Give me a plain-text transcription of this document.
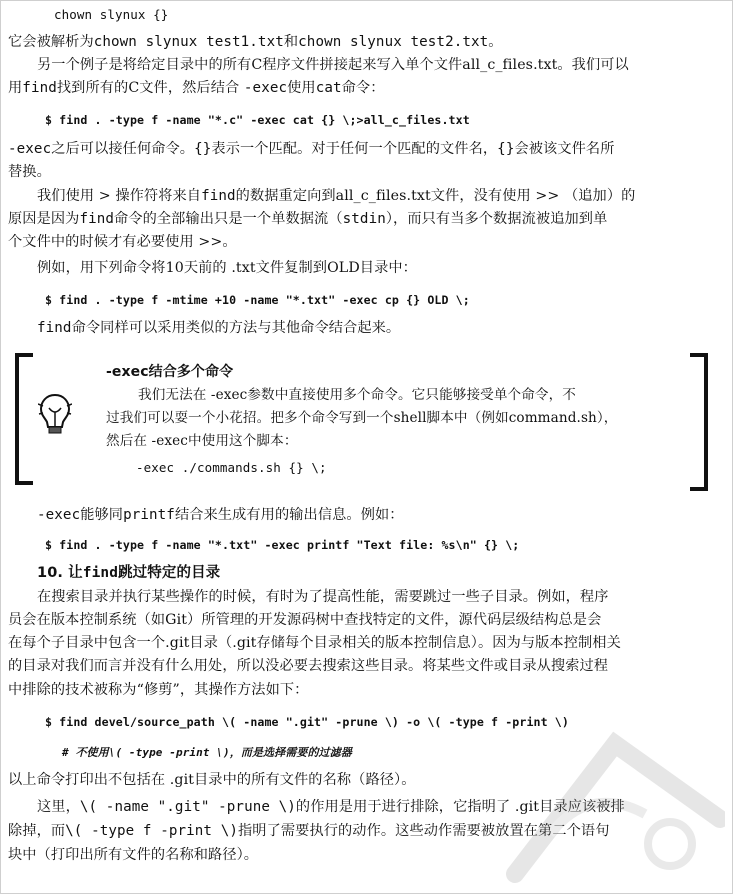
chown slynux {}
它会被解析为chown slynux test1.txt和chown slynux test2.txt。
另一个例子是将给定目录中的所有C程序文件拼接起来写入单个文件all_c_files.txt。我们可以
用find找到所有的C文件，然后结合 -exec使用cat命令：
$ find . -type f -name "*.c" -exec cat {} \;>all_c_files.txt
-exec之后可以接任何命令。{}表示一个匹配。对于任何一个匹配的文件名，{}会被该文件名所
替换。
我们使用 > 操作符将来自find的数据重定向到all_c_files.txt文件，没有使用 >> （追加）的
原因是因为find命令的全部输出只是一个单数据流（stdin），而只有当多个数据流被追加到单
个文件中的时候才有必要使用 >>。
例如，用下列命令将10天前的 .txt文件复制到OLD目录中：
$ find . -type f -mtime +10 -name "*.txt" -exec cp {} OLD \;
find命令同样可以采用类似的方法与其他命令结合起来。
-exec结合多个命令
我们无法在 -exec参数中直接使用多个命令。它只能够接受单个命令，不
过我们可以耍一个小花招。把多个命令写到一个shell脚本中（例如command.sh），
然后在 -exec中使用这个脚本：
-exec ./commands.sh {} \;
-exec能够同printf结合来生成有用的输出信息。例如：
$ find . -type f -name "*.txt" -exec printf "Text file: %s\n" {} \;
10. 让find跳过特定的目录
在搜索目录并执行某些操作的时候，有时为了提高性能，需要跳过一些子目录。例如，程序
员会在版本控制系统（如Git）所管理的开发源码树中查找特定的文件，源代码层级结构总是会
在每个子目录中包含一个.git目录（.git存储每个目录相关的版本控制信息）。因为与版本控制相关
的目录对我们而言并没有什么用处，所以没必要去搜索这些目录。将某些文件或目录从搜索过程
中排除的技术被称为“修剪”，其操作方法如下：
$ find devel/source_path \( -name ".git" -prune \) -o \( -type f -print \)
# 不使用\( -type -print \)，而是选择需要的过滤器
以上命令打印出不包括在 .git目录中的所有文件的名称（路径）。
这里，\( -name ".git" -prune \)的作用是用于进行排除，它指明了 .git目录应该被排
除掉，而\( -type f -print \)指明了需要执行的动作。这些动作需要被放置在第二个语句
块中（打印出所有文件的名称和路径）。
